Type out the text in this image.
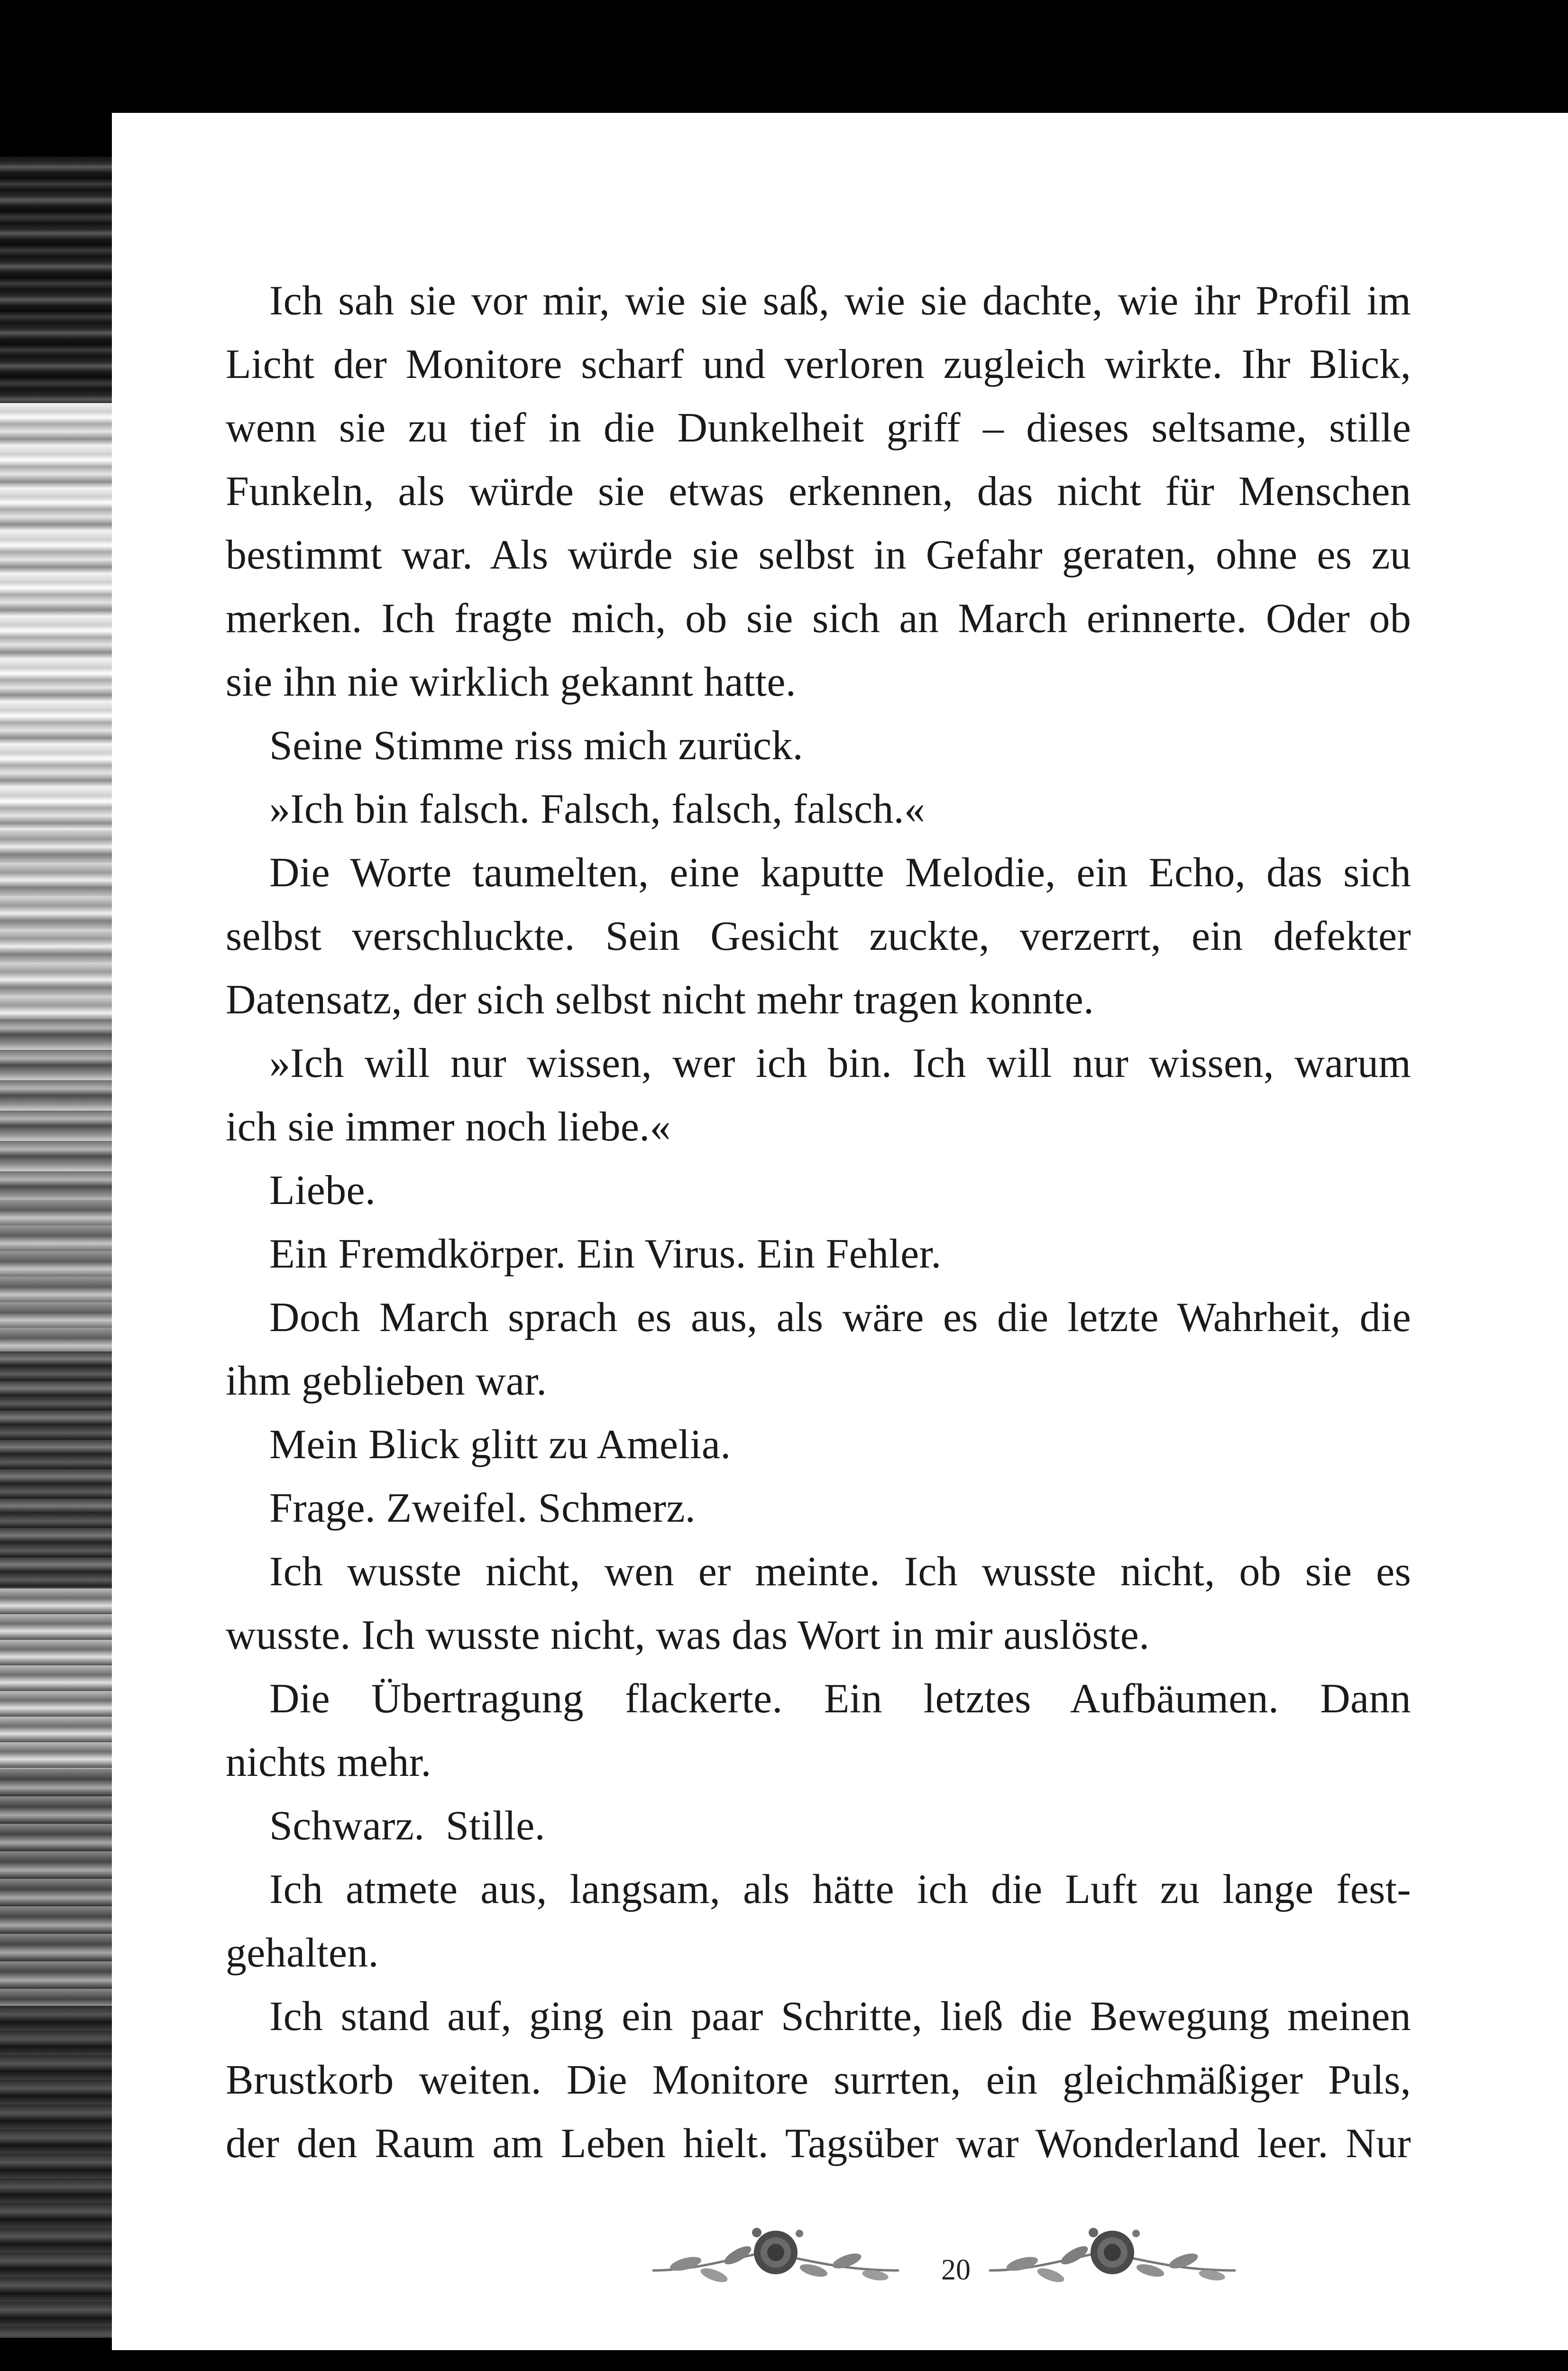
Ich sah sie vor mir, wie sie saß, wie sie dachte, wie ihr Profil im
Licht der Monitore scharf und verloren zugleich wirkte. Ihr Blick,
wenn sie zu tief in die Dunkelheit griff – dieses seltsame, stille
Funkeln, als würde sie etwas erkennen, das nicht für Menschen
bestimmt war. Als würde sie selbst in Gefahr geraten, ohne es zu
merken. Ich fragte mich, ob sie sich an March erinnerte. Oder ob
sie ihn nie wirklich gekannt hatte.
Seine Stimme riss mich zurück.
»Ich bin falsch. Falsch, falsch, falsch.«
Die Worte taumelten, eine kaputte Melodie, ein Echo, das sich
selbst verschluckte. Sein Gesicht zuckte, verzerrt, ein defekter
Datensatz, der sich selbst nicht mehr tragen konnte.
»Ich will nur wissen, wer ich bin. Ich will nur wissen, warum
ich sie immer noch liebe.«
Liebe.
Ein Fremdkörper. Ein Virus. Ein Fehler.
Doch March sprach es aus, als wäre es die letzte Wahrheit, die
ihm geblieben war.
Mein Blick glitt zu Amelia.
Frage. Zweifel. Schmerz.
Ich wusste nicht, wen er meinte. Ich wusste nicht, ob sie es
wusste. Ich wusste nicht, was das Wort in mir auslöste.
Die Übertragung flackerte. Ein letztes Aufbäumen. Dann
nichts mehr.
Schwarz.  Stille.
Ich atmete aus, langsam, als hätte ich die Luft zu lange fest-
gehalten.
Ich stand auf, ging ein paar Schritte, ließ die Bewegung meinen
Brustkorb weiten. Die Monitore surrten, ein gleichmäßiger Puls,
der den Raum am Leben hielt. Tagsüber war Wonderland leer. Nur
20
